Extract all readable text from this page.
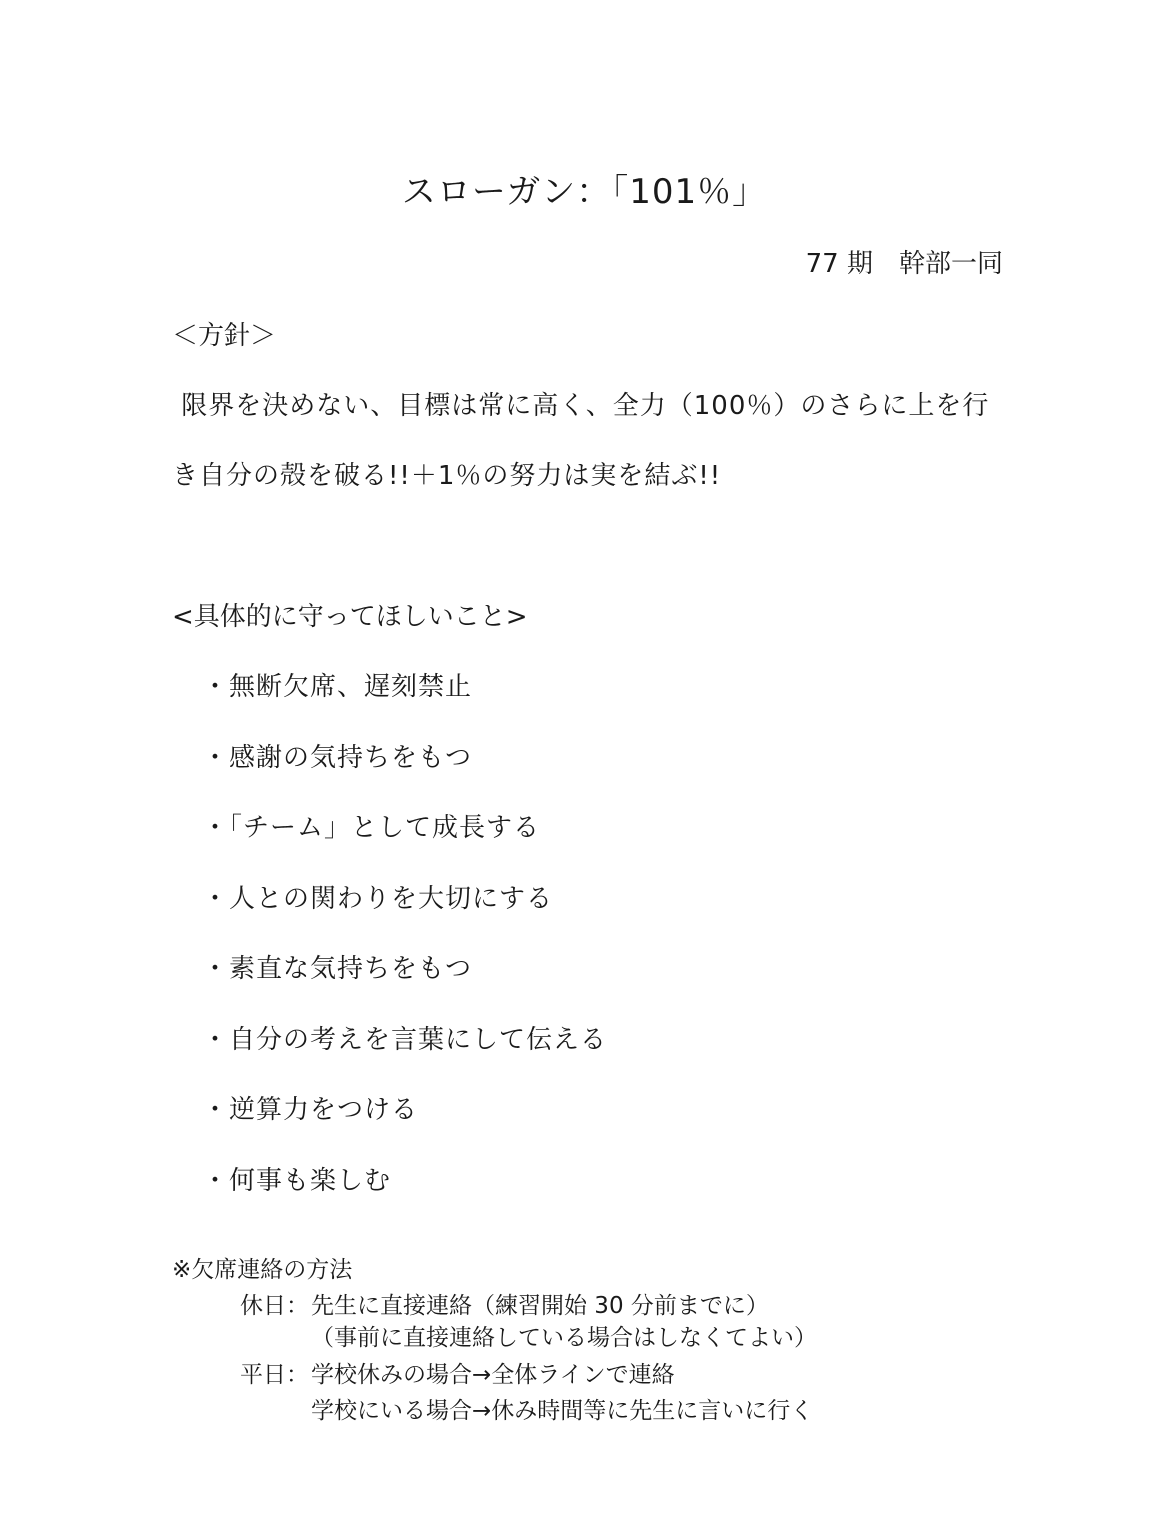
スローガン：「101％」
77 期　幹部一同
＜方針＞
限界を決めない、目標は常に高く、全力（100％）のさらに上を行
き自分の殻を破る!!＋1％の努力は実を結ぶ!!
<具体的に守ってほしいこと>
・無断欠席、遅刻禁止
・感謝の気持ちをもつ
・「チーム」として成長する
・人との関わりを大切にする
・素直な気持ちをもつ
・自分の考えを言葉にして伝える
・逆算力をつける
・何事も楽しむ
※欠席連絡の方法
休日： 先生に直接連絡（練習開始 30 分前までに）
（事前に直接連絡している場合はしなくてよい）
平日： 学校休みの場合→全体ラインで連絡
学校にいる場合→休み時間等に先生に言いに行く
